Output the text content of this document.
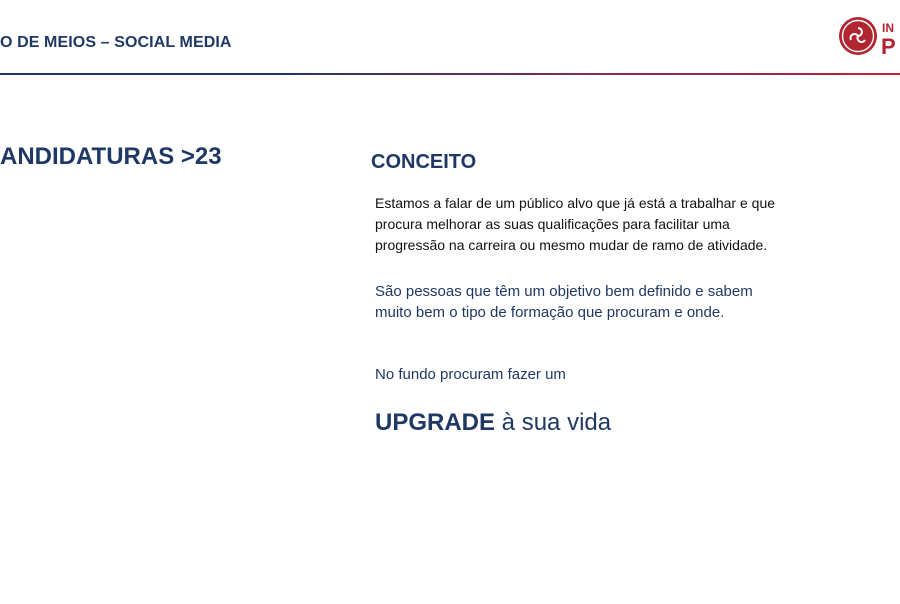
O DE MEIOS – SOCIAL MEDIA
IN
P
ANDIDATURAS >23	CONCEITO
Estamos a falar de um público alvo que já está a trabalhar e que
procura melhorar as suas qualificações para facilitar uma
progressão na carreira ou mesmo mudar de ramo de atividade.
São pessoas que têm um objetivo bem definido e sabem
muito bem o tipo de formação que procuram e onde.
No fundo procuram fazer um
UPGRADE à sua vida
